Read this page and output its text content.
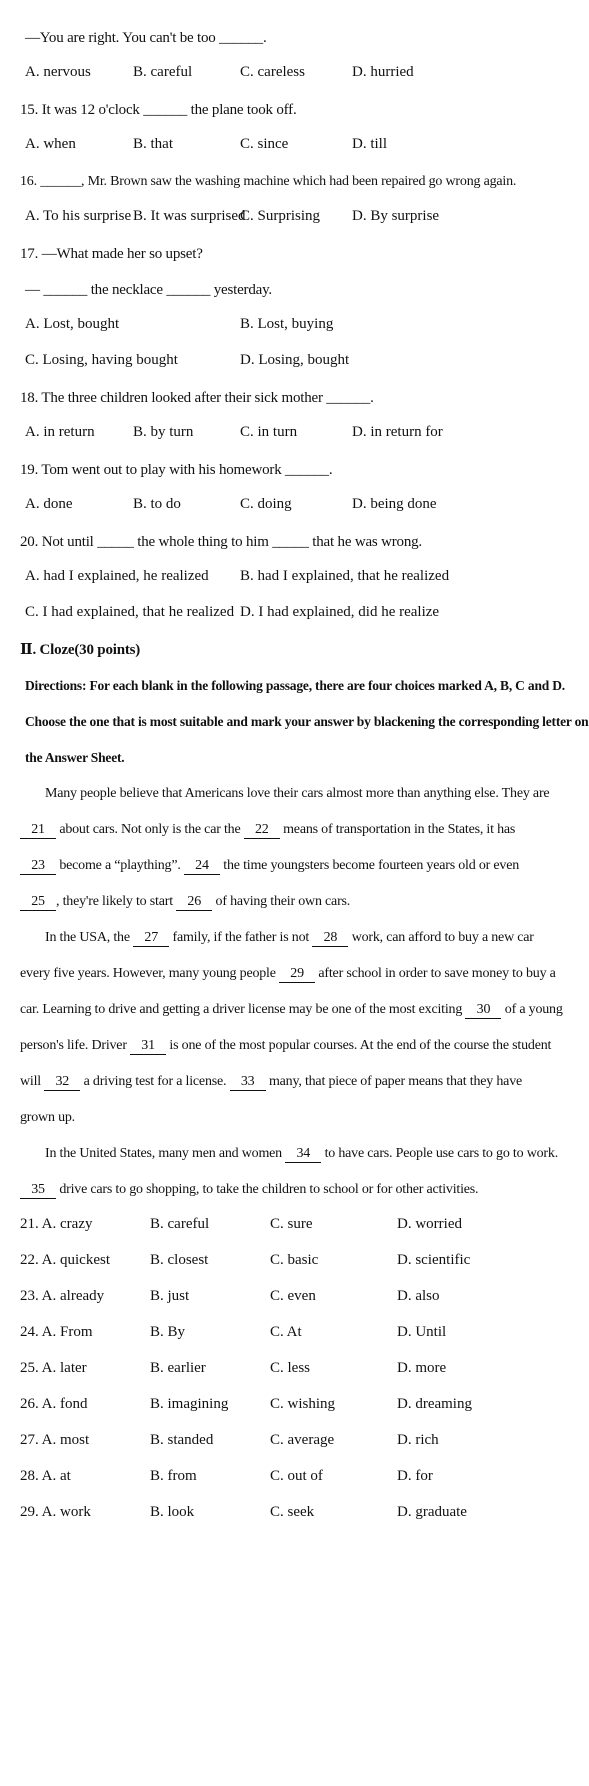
—You are right. You can't be too ______.
A. nervous	B. careful	C. careless	D. hurried
15. It was 12 o'clock ______ the plane took off.
A. when	B. that	C. since	D. till
16. ______, Mr. Brown saw the washing machine which had been repaired go wrong again.
A. To his surprise B. It was surprised
C. Surprising D. By surprise
17. —What made her so upset?
— ______ the necklace ______ yesterday.
A. Lost, bought	B. Lost, buying
C. Losing, having bought	D. Losing, bought
18. The three children looked after their sick mother ______.
A. in return	B. by turn	C. in turn	D. in return for
19. Tom went out to play with his homework ______.
A. done	B. to do	C. doing	D. being done
20. Not until _____ the whole thing to him _____ that he was wrong.
A. had I explained, he realized B. had I explained, that he realized
C. I had explained, that he realized D. I had explained, did he realize
Ⅱ. Cloze(30 points)
Directions: For each blank in the following passage, there are four choices marked A, B, C and D.
Choose the one that is most suitable and mark your answer by blackening the corresponding letter on
the Answer Sheet.
Many people believe that Americans love their cars almost more than anything else. They are
21 about cars. Not only is the car the 22 means of transportation in the States, it has
23 become a “plaything”. 24 the time youngsters become fourteen years old or even
25 , they're likely to start 26 of having their own cars.
In the USA, the 27 family, if the father is not 28 work, can afford to buy a new car
every five years. However, many young people 29 after school in order to save money to buy a
car. Learning to drive and getting a driver license may be one of the most exciting 30 of a young
person's life. Driver 31 is one of the most popular courses. At the end of the course the student
will 32 a driving test for a license. 33 many, that piece of paper means that they have
grown up.
In the United States, many men and women 34 to have cars. People use cars to go to work.
35 drive cars to go shopping, to take the children to school or for other activities.
21. A. crazy	B. careful	C. sure	D. worried
22. A. quickest	B. closest	C. basic	D. scientific
23. A. already	B. just	C. even	D. also
24. A. From	B. By	C. At	D. Until
25. A. later	B. earlier	C. less	D. more
26. A. fond	B. imagining	C. wishing	D. dreaming
27. A. most	B. standed	C. average	D. rich
28. A. at	B. from	C. out of	D. for
29. A. work	B. look	C. seek	D. graduate
